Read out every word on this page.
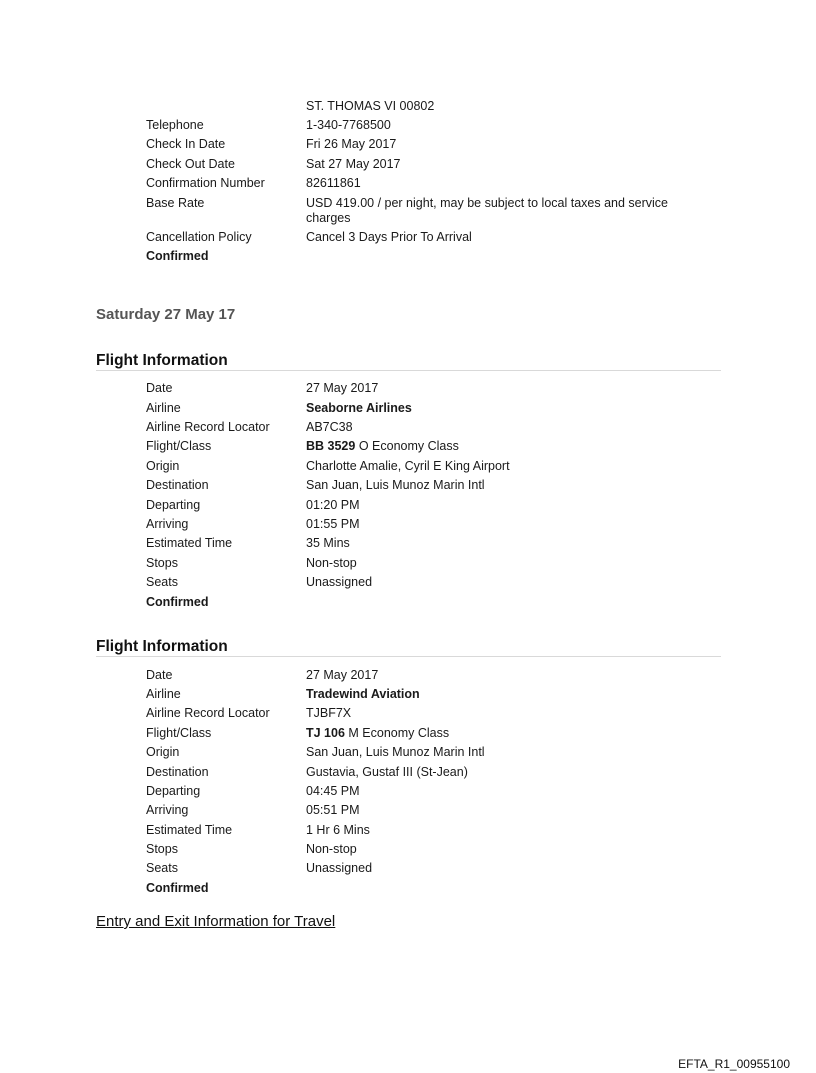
ST. THOMAS VI 00802
Telephone	1-340-7768500
Check In Date	Fri 26 May 2017
Check Out Date	Sat 27 May 2017
Confirmation Number	82611861
Base Rate	USD 419.00 / per night, may be subject to local taxes and service charges
Cancellation Policy	Cancel 3 Days Prior To Arrival
Confirmed
Saturday 27 May 17
Flight Information
Date	27 May 2017
Airline	Seaborne Airlines
Airline Record Locator	AB7C38
Flight/Class	BB 3529 O Economy Class
Origin	Charlotte Amalie, Cyril E King Airport
Destination	San Juan, Luis Munoz Marin Intl
Departing	01:20 PM
Arriving	01:55 PM
Estimated Time	35 Mins
Stops	Non-stop
Seats	Unassigned
Confirmed
Flight Information
Date	27 May 2017
Airline	Tradewind Aviation
Airline Record Locator	TJBF7X
Flight/Class	TJ 106 M Economy Class
Origin	San Juan, Luis Munoz Marin Intl
Destination	Gustavia, Gustaf III (St-Jean)
Departing	04:45 PM
Arriving	05:51 PM
Estimated Time	1 Hr 6 Mins
Stops	Non-stop
Seats	Unassigned
Confirmed
Entry and Exit Information for Travel
EFTA_R1_00955100
